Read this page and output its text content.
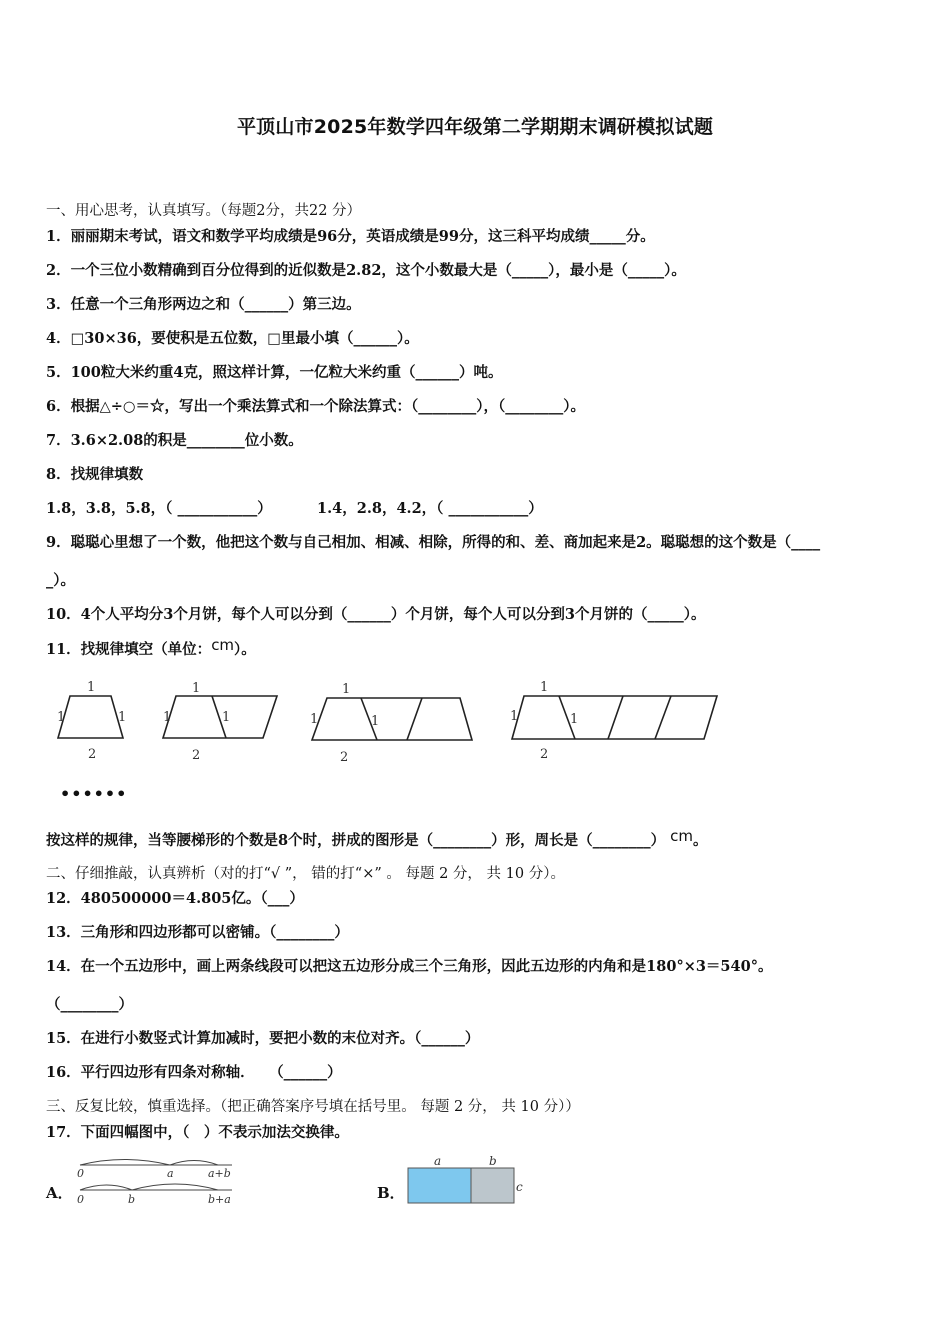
平顶山市2025年数学四年级第二学期期末调研模拟试题
一、用心思考，认真填写。（每题2分，共22 分）
1．丽丽期末考试，语文和数学平均成绩是96分，英语成绩是99分，这三科平均成绩_____分。
2．一个三位小数精确到百分位得到的近似数是2.82，这个小数最大是（_____），最小是（_____）。
3．任意一个三角形两边之和（______）第三边。
4．□30×36，要使积是五位数，□里最小填（______）。
5．100粒大米约重4克，照这样计算，一亿粒大米约重（______）吨。
6．根据△÷○＝☆，写出一个乘法算式和一个除法算式：（________），（________）。
7．3.6×2.08的积是________位小数。
8．找规律填数
1.8，3.8，5.8，（ ___________）	1.4，2.8，4.2，（ ___________）
9．聪聪心里想了一个数，他把这个数与自己相加、相减、相除，所得的和、差、商加起来是2。聪聪想的这个数是（____
_）。
10．4个人平均分3个月饼，每个人可以分到（______）个月饼，每个人可以分到3个月饼的（_____）。
11．找规律填空（单位：cm）。
1
1	1
2
1
1	1
2
1
1	1
2
1
1	1
2
••••••
按这样的规律，当等腰梯形的个数是8个时，拼成的图形是（________）形，周长是（________） cm。
二、仔细推敲，认真辨析（对的打“√ ”， 错的打“×” 。 每题 2 分， 共 10 分）。
12．480500000＝4.805亿。（___）
13．三角形和四边形都可以密铺。（________）
14．在一个五边形中，画上两条线段可以把这五边形分成三个三角形，因此五边形的内角和是180°×3＝540°。
（________）
15．在进行小数竖式计算加减时，要把小数的末位对齐。（______）
16．平行四边形有四条对称轴．　　（______）
三、反复比较，慎重选择。（把正确答案序号填在括号里。 每题 2 分， 共 10 分））
17．下面四幅图中，（　）不表示加法交换律。
A．
0	a	a+b
0	b	b+a	B．
a	b
c
